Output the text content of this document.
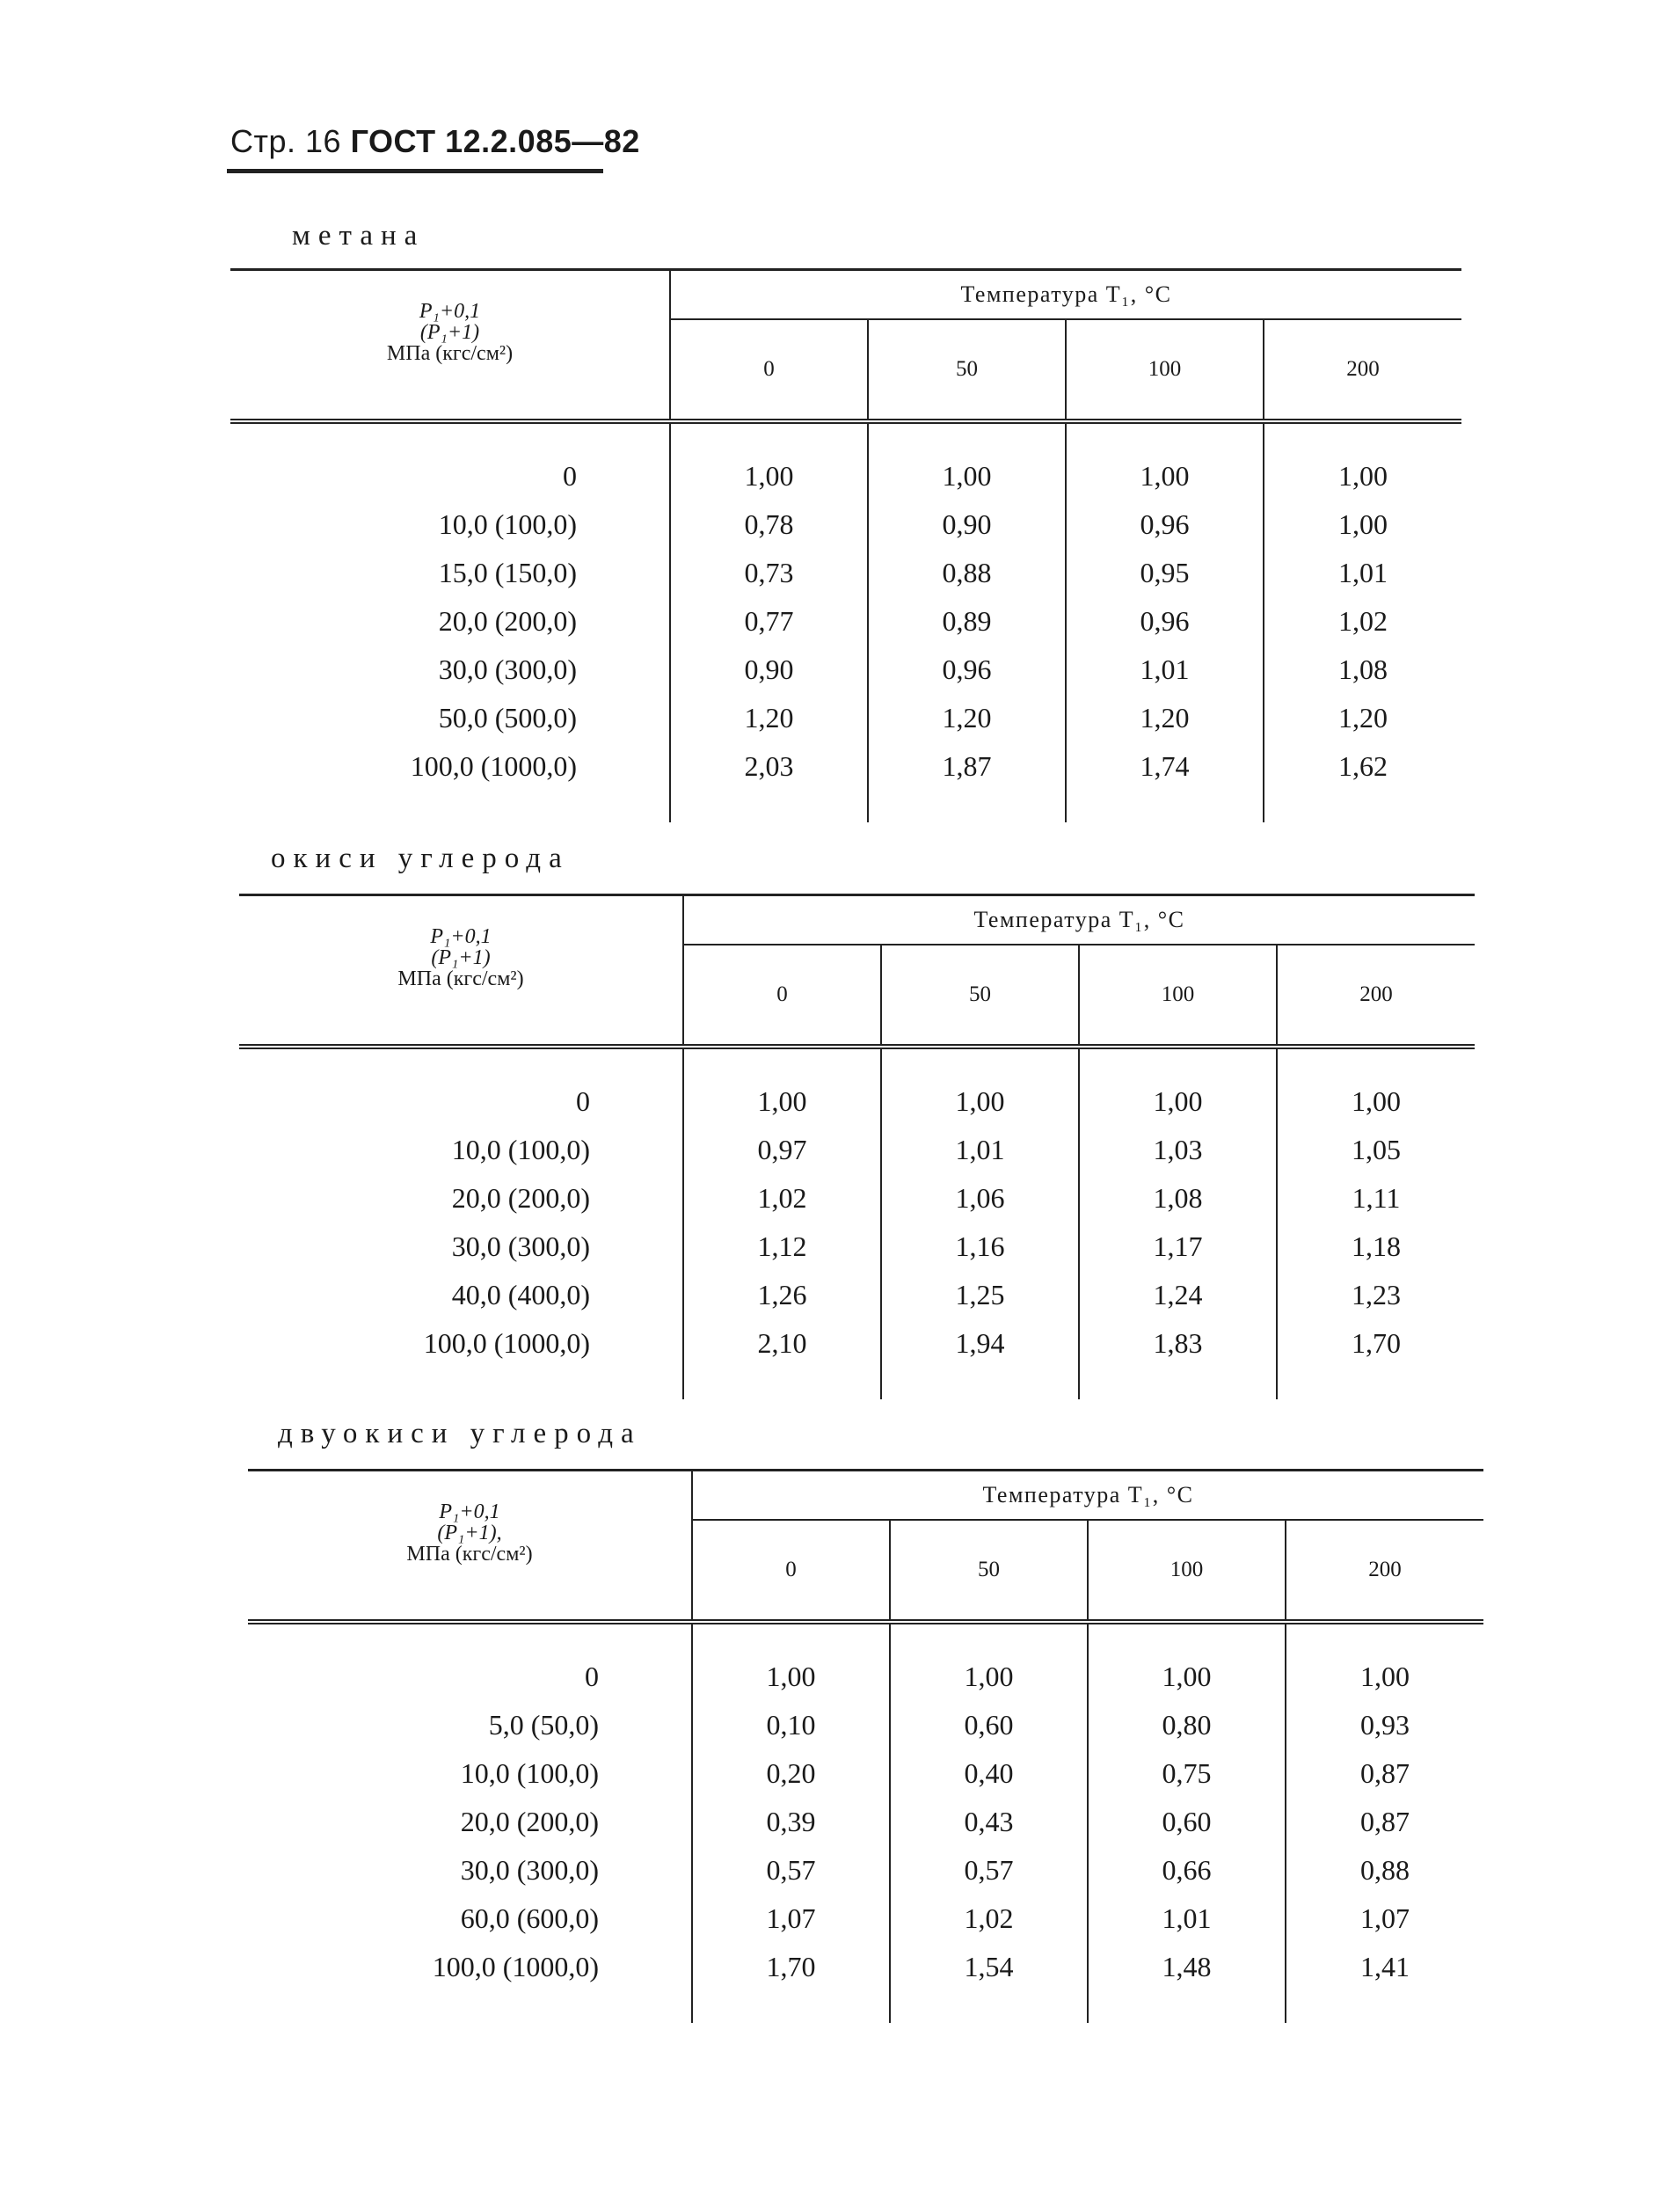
Стр. 16 ГОСТ 12.2.085—82
метана
P₁+0,1
(P₁+1)
МПа (кгс/см²)	Температура T₁, °C			
	0	50	100	200

0	1,00	1,00	1,00	1,00
10,0 (100,0)	0,78	0,90	0,96	1,00
15,0 (150,0)	0,73	0,88	0,95	1,01
20,0 (200,0)	0,77	0,89	0,96	1,02
30,0 (300,0)	0,90	0,96	1,01	1,08
50,0 (500,0)	1,20	1,20	1,20	1,20
100,0 (1000,0)	2,03	1,87	1,74	1,62

окиси углерода
P₁+0,1
(P₁+1)
МПа (кгс/см²)	Температура T₁, °C			
	0	50	100	200

0	1,00	1,00	1,00	1,00
10,0 (100,0)	0,97	1,01	1,03	1,05
20,0 (200,0)	1,02	1,06	1,08	1,11
30,0 (300,0)	1,12	1,16	1,17	1,18
40,0 (400,0)	1,26	1,25	1,24	1,23
100,0 (1000,0)	2,10	1,94	1,83	1,70

двуокиси углерода
P₁+0,1
(P₁+1),
МПа (кгс/см²)	Температура T₁, °C			
	0	50	100	200

0	1,00	1,00	1,00	1,00
5,0 (50,0)	0,10	0,60	0,80	0,93
10,0 (100,0)	0,20	0,40	0,75	0,87
20,0 (200,0)	0,39	0,43	0,60	0,87
30,0 (300,0)	0,57	0,57	0,66	0,88
60,0 (600,0)	1,07	1,02	1,01	1,07
100,0 (1000,0)	1,70	1,54	1,48	1,41
